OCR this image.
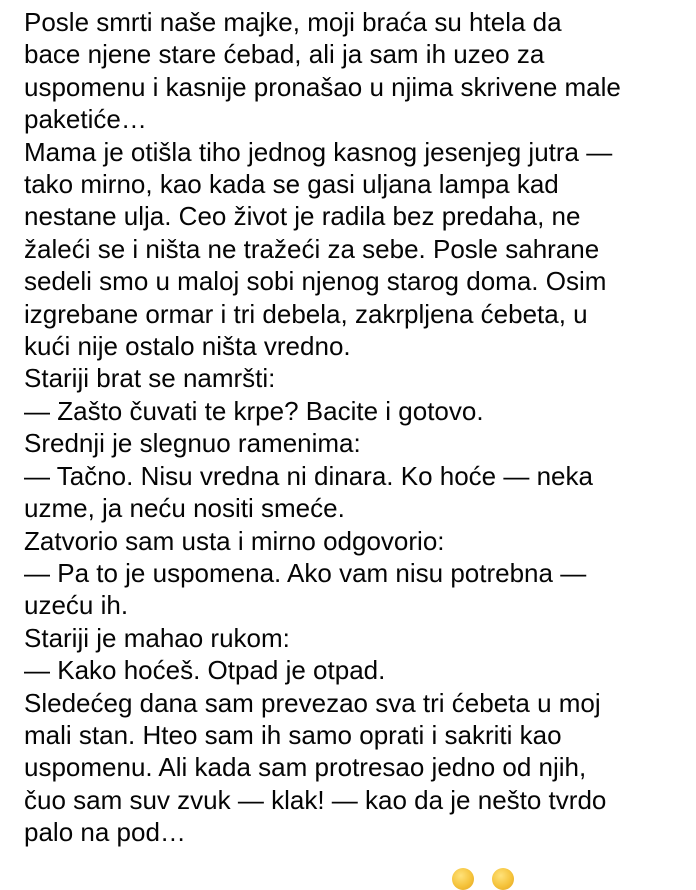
Posle smrti naše majke, moji braća su htela da
bace njene stare ćebad, ali ja sam ih uzeo za
uspomenu i kasnije pronašao u njima skrivene male
paketiće…
Mama je otišla tiho jednog kasnog jesenjeg jutra —
tako mirno, kao kada se gasi uljana lampa kad
nestane ulja. Ceo život je radila bez predaha, ne
žaleći se i ništa ne tražeći za sebe. Posle sahrane
sedeli smo u maloj sobi njenog starog doma. Osim
izgrebane ormar i tri debela, zakrpljena ćebeta, u
kući nije ostalo ništa vredno.
Stariji brat se namršti:
— Zašto čuvati te krpe? Bacite i gotovo.
Srednji je slegnuo ramenima:
— Tačno. Nisu vredna ni dinara. Ko hoće — neka
uzme, ja neću nositi smeće.
Zatvorio sam usta i mirno odgovorio:
— Pa to je uspomena. Ako vam nisu potrebna —
uzeću ih.
Stariji je mahao rukom:
— Kako hoćeš. Otpad je otpad.
Sledećeg dana sam prevezao sva tri ćebeta u moj
mali stan. Hteo sam ih samo oprati i sakriti kao
uspomenu. Ali kada sam protresao jedno od njih,
čuo sam suv zvuk — klak! — kao da je nešto tvrdo
palo na pod…
